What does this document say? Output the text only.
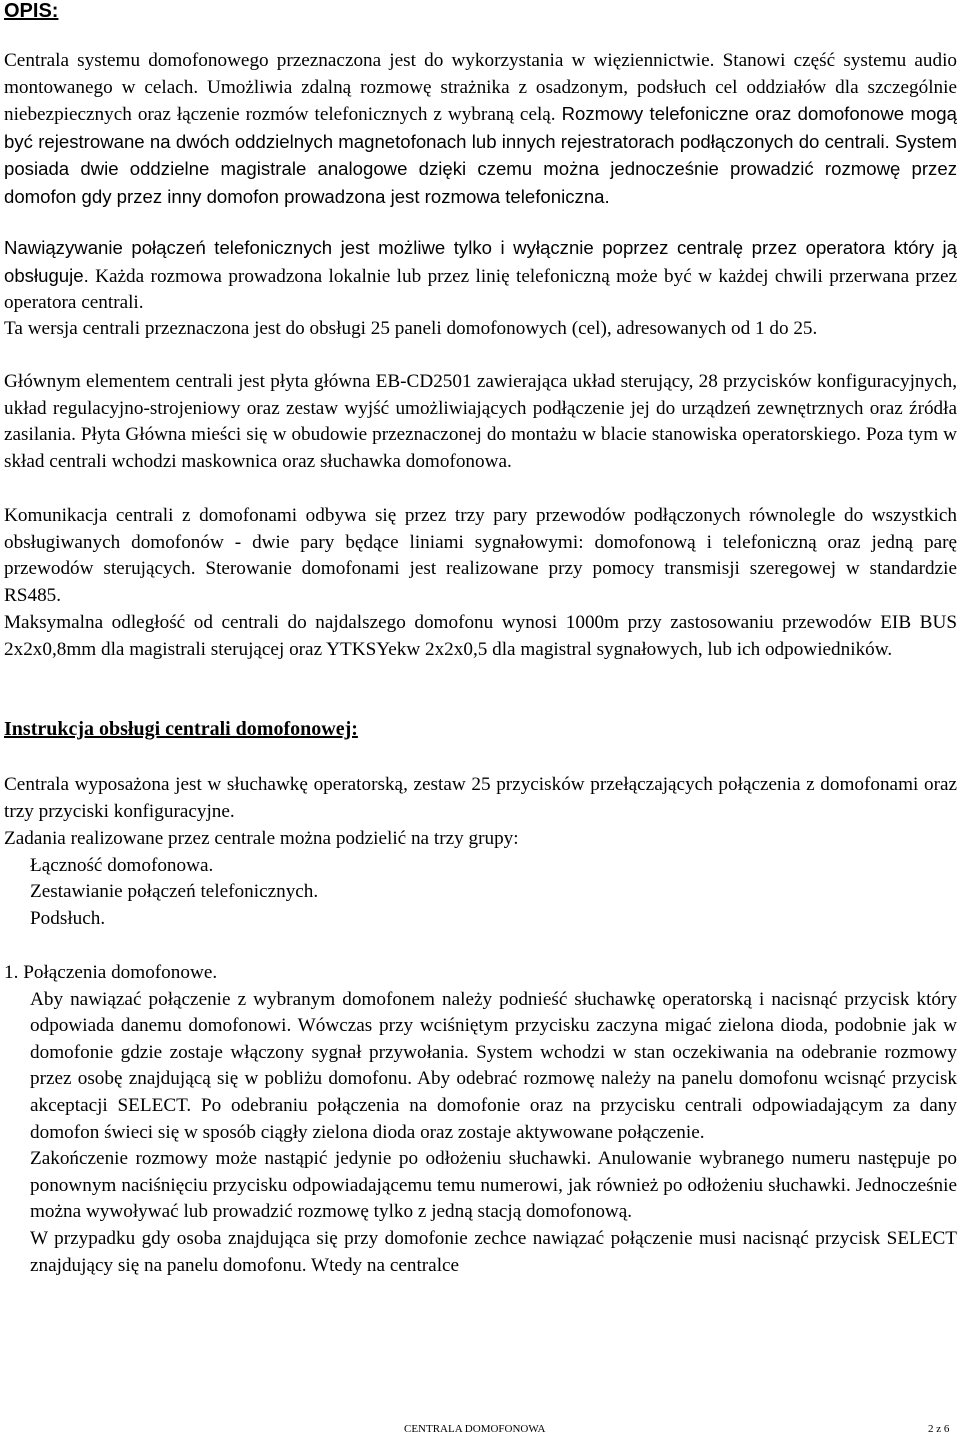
OPIS:

Centrala systemu domofonowego przeznaczona jest do wykorzystania w więziennictwie. Stanowi część systemu audio montowanego w celach. Umożliwia zdalną rozmowę strażnika z osadzonym, podsłuch cel oddziałów dla szczególnie niebezpiecznych oraz łączenie rozmów telefonicznych z wybraną celą. Rozmowy telefoniczne oraz domofonowe mogą być rejestrowane na dwóch oddzielnych magnetofonach lub innych rejestratorach podłączonych do centrali. System posiada dwie oddzielne magistrale analogowe dzięki czemu można jednocześnie prowadzić rozmowę przez domofon gdy przez inny domofon prowadzona jest rozmowa telefoniczna.

Nawiązywanie połączeń telefonicznych jest możliwe tylko i wyłącznie poprzez centralę przez operatora który ją obsługuje. Każda rozmowa prowadzona lokalnie lub przez linię telefoniczną może być w każdej chwili przerwana przez operatora centrali.

Ta wersja centrali przeznaczona jest do obsługi 25 paneli domofonowych (cel), adresowanych od 1 do 25.

Głównym elementem centrali jest płyta główna EB-CD2501 zawierająca układ sterujący, 28 przycisków konfiguracyjnych, układ regulacyjno-strojeniowy oraz zestaw wyjść umożliwiających podłączenie jej do urządzeń zewnętrznych oraz źródła zasilania. Płyta Główna mieści się w obudowie przeznaczonej do montażu w blacie stanowiska operatorskiego. Poza tym w skład centrali wchodzi maskownica oraz słuchawka domofonowa.

Komunikacja centrali z domofonami odbywa się przez trzy pary przewodów podłączonych równolegle do wszystkich obsługiwanych domofonów - dwie pary będące liniami sygnałowymi: domofonową i telefoniczną oraz jedną parę przewodów sterujących. Sterowanie domofonami jest realizowane przy pomocy transmisji szeregowej w standardzie RS485.

Maksymalna odległość od centrali do najdalszego domofonu wynosi 1000m przy zastosowaniu przewodów EIB BUS 2x2x0,8mm dla magistrali sterującej oraz YTKSYekw 2x2x0,5 dla magistral sygnałowych, lub ich odpowiedników.

Instrukcja obsługi centrali domofonowej:

Centrala wyposażona jest w słuchawkę operatorską, zestaw 25 przycisków przełączających połączenia z domofonami oraz trzy przyciski konfiguracyjne.

Zadania realizowane przez centrale można podzielić na trzy grupy:

Łączność domofonowa.

Zestawianie połączeń telefonicznych.

Podsłuch.

1. Połączenia domofonowe.

Aby nawiązać połączenie z wybranym domofonem należy podnieść słuchawkę operatorską i nacisnąć przycisk który odpowiada danemu domofonowi. Wówczas przy wciśniętym przycisku zaczyna migać zielona dioda, podobnie jak w domofonie gdzie zostaje włączony sygnał przywołania. System wchodzi w stan oczekiwania na odebranie rozmowy przez osobę znajdującą się w pobliżu domofonu. Aby odebrać rozmowę należy na panelu domofonu wcisnąć przycisk akceptacji SELECT. Po odebraniu połączenia na domofonie oraz na przycisku centrali odpowiadającym za dany domofon świeci się w sposób ciągły zielona dioda oraz zostaje aktywowane połączenie.

Zakończenie rozmowy może nastąpić jedynie po odłożeniu słuchawki. Anulowanie wybranego numeru następuje po ponownym naciśnięciu przycisku odpowiadającemu temu numerowi, jak również po odłożeniu słuchawki. Jednocześnie można wywoływać lub prowadzić rozmowę tylko z jedną stacją domofonową.

W przypadku gdy osoba znajdująca się przy domofonie zechce nawiązać połączenie musi nacisnąć przycisk SELECT znajdujący się na panelu domofonu. Wtedy na centralce

CENTRALA DOMOFONOWA	2 z 6
